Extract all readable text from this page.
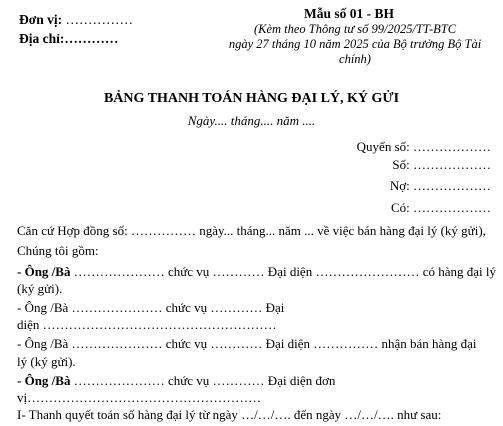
Đơn vị: ……………
Địa chỉ:…………
Mẫu số 01 - BH
(Kèm theo Thông tư số 99/2025/TT-BTC
ngày 27 tháng 10 năm 2025 của Bộ trưởng Bộ Tài
chính)
BẢNG THANH TOÁN HÀNG ĐẠI LÝ, KÝ GỬI
Ngày.... tháng.... năm ....
Quyển số: ………………
Số: ………………
Nợ: ………………
Có: ………………
Căn cứ Hợp đồng số: …………… ngày... tháng... năm ... về việc bán hàng đại lý (ký gửi),
Chúng tôi gồm:
- Ông /Bà ………………… chức vụ ………… Đại diện …………………… có hàng đại lý
(ký gửi).
- Ông /Bà ………………… chức vụ ………… Đại
diện ………………………………………………
- Ông /Bà ………………… chức vụ ………… Đại diện …………… nhận bán hàng đại
lý (ký gửi).
- Ông /Bà ………………… chức vụ ………… Đại diện đơn
vị………………………………………………
I- Thanh quyết toán số hàng đại lý từ ngày …/…/…. đến ngày …/…/…. như sau:
